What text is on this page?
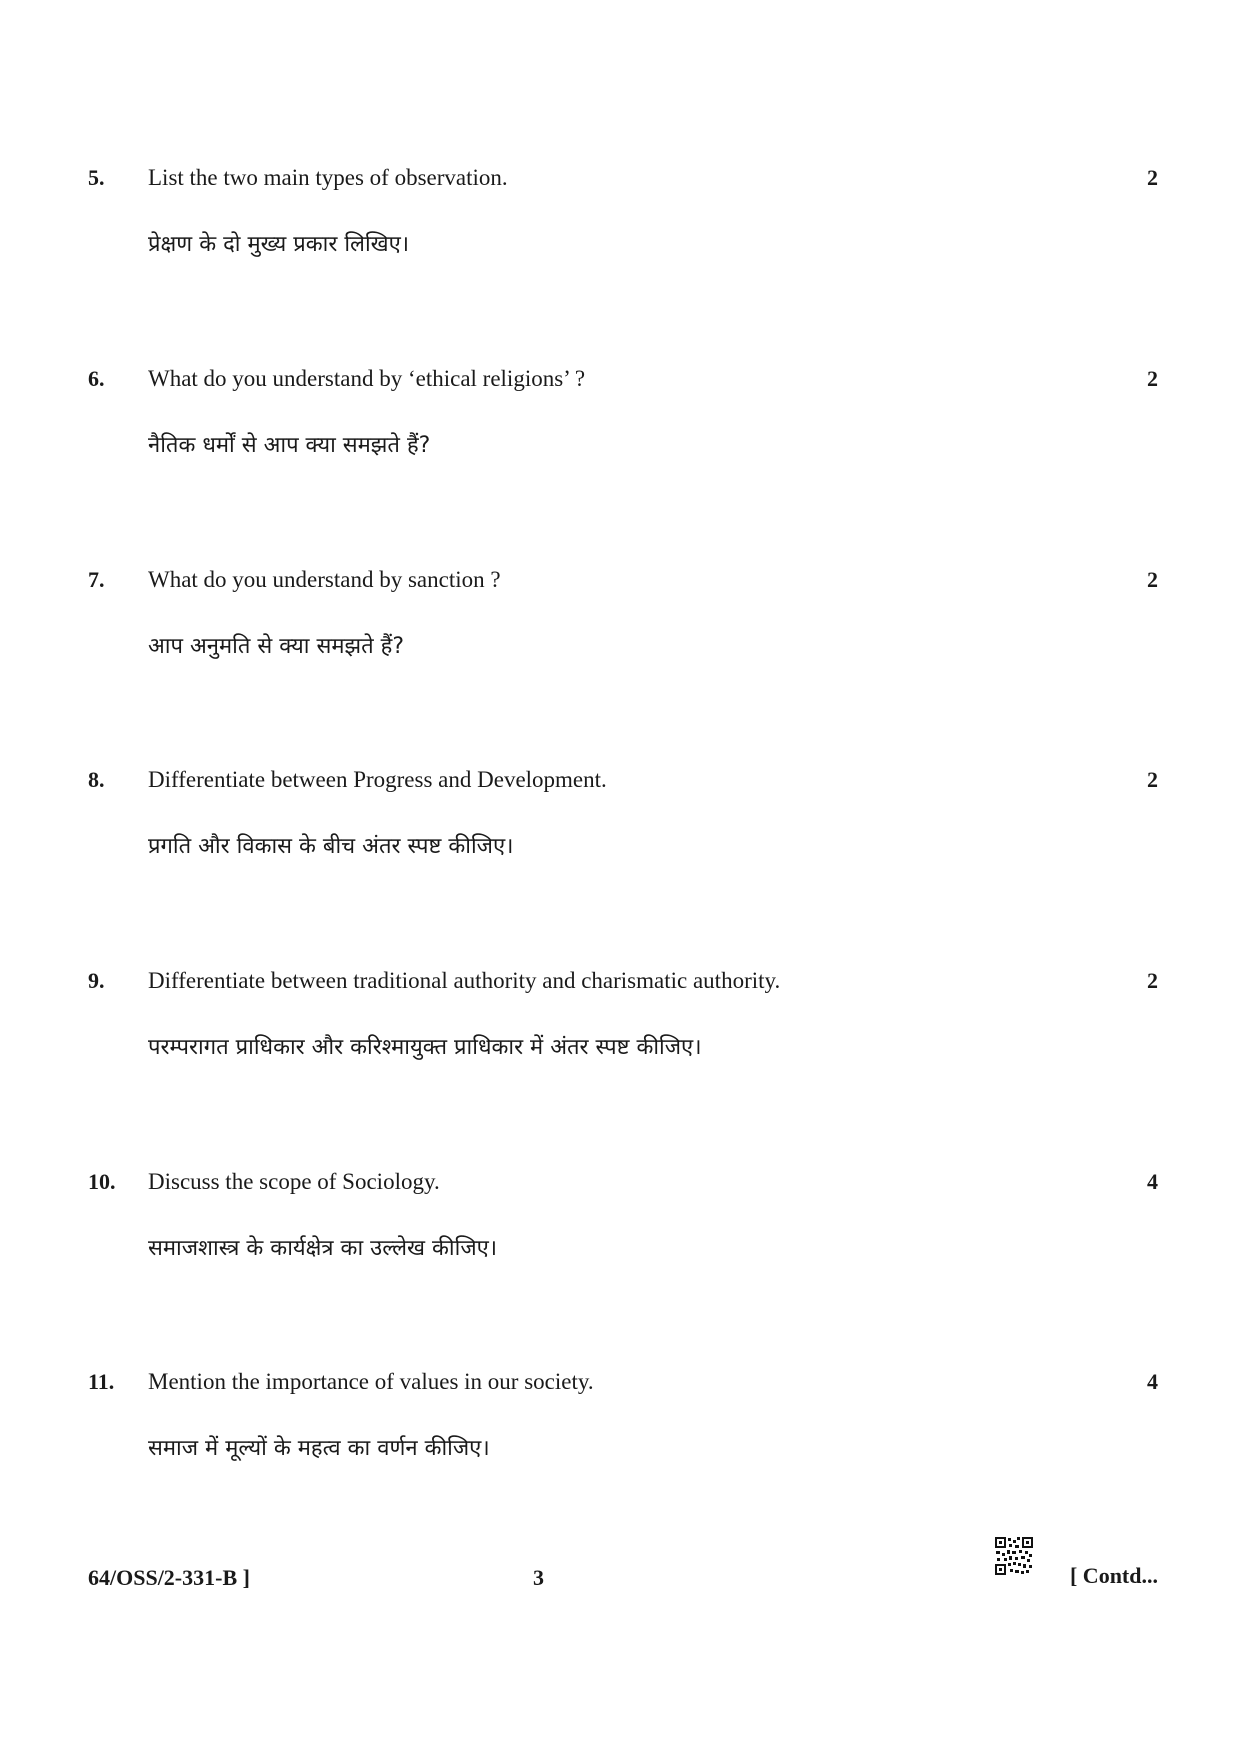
5. List the two main types of observation.	2
प्रेक्षण के दो मुख्य प्रकार लिखिए।
6. What do you understand by ‘ethical religions’ ?	2
नैतिक धर्मों से आप क्या समझते हैं?
7. What do you understand by sanction ?	2
आप अनुमति से क्या समझते हैं?
8. Differentiate between Progress and Development.	2
प्रगति और विकास के बीच अंतर स्पष्ट कीजिए।
9. Differentiate between traditional authority and charismatic authority.	2
परम्परागत प्राधिकार और करिश्मायुक्त प्राधिकार में अंतर स्पष्ट कीजिए।
10. Discuss the scope of Sociology.	4
समाजशास्त्र के कार्यक्षेत्र का उल्लेख कीजिए।
11. Mention the importance of values in our society.	4
समाज में मूल्यों के महत्व का वर्णन कीजिए।
64/OSS/2-331-B ]	3	[ Contd...
